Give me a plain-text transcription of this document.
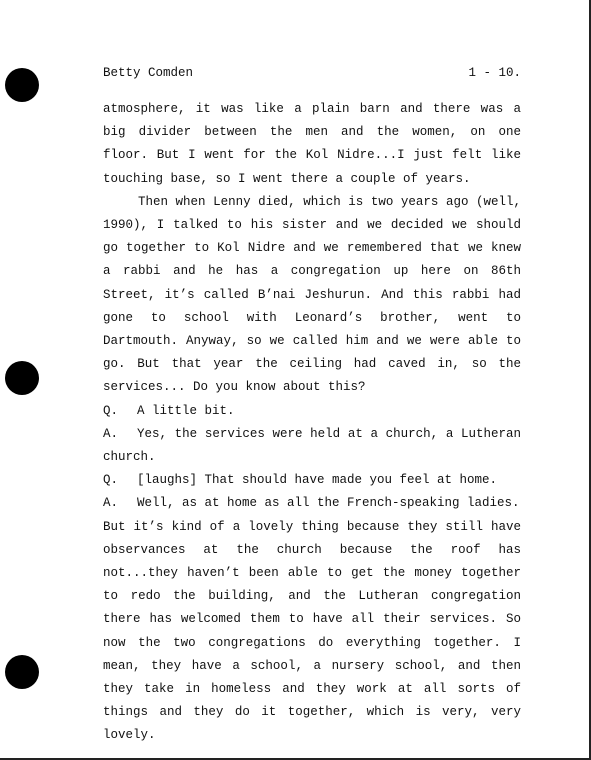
Betty Comden	1 - 10.

atmosphere, it was like a plain barn and there was a big divider between the men and the women, on one floor. But I went for the Kol Nidre...I just felt like touching base, so I went there a couple of years.

Then when Lenny died, which is two years ago (well, 1990), I talked to his sister and we decided we should go together to Kol Nidre and we remembered that we knew a rabbi and he has a congregation up here on 86th Street, it’s called B’nai Jeshurun. And this rabbi had gone to school with Leonard’s brother, went to Dartmouth. Anyway, so we called him and we were able to go. But that year the ceiling had caved in, so the services... Do you know about this?

Q. A little bit.

A. Yes, the services were held at a church, a Lutheran church.

Q. [laughs] That should have made you feel at home.

A. Well, as at home as all the French-speaking ladies.

But it’s kind of a lovely thing because they still have observances at the church because the roof has not...they haven’t been able to get the money together to redo the building, and the Lutheran congregation there has welcomed them to have all their services. So now the two congregations do everything together. I mean, they have a school, a nursery school, and then they take in homeless and they work at all sorts of things and they do it together, which is very, very lovely.
